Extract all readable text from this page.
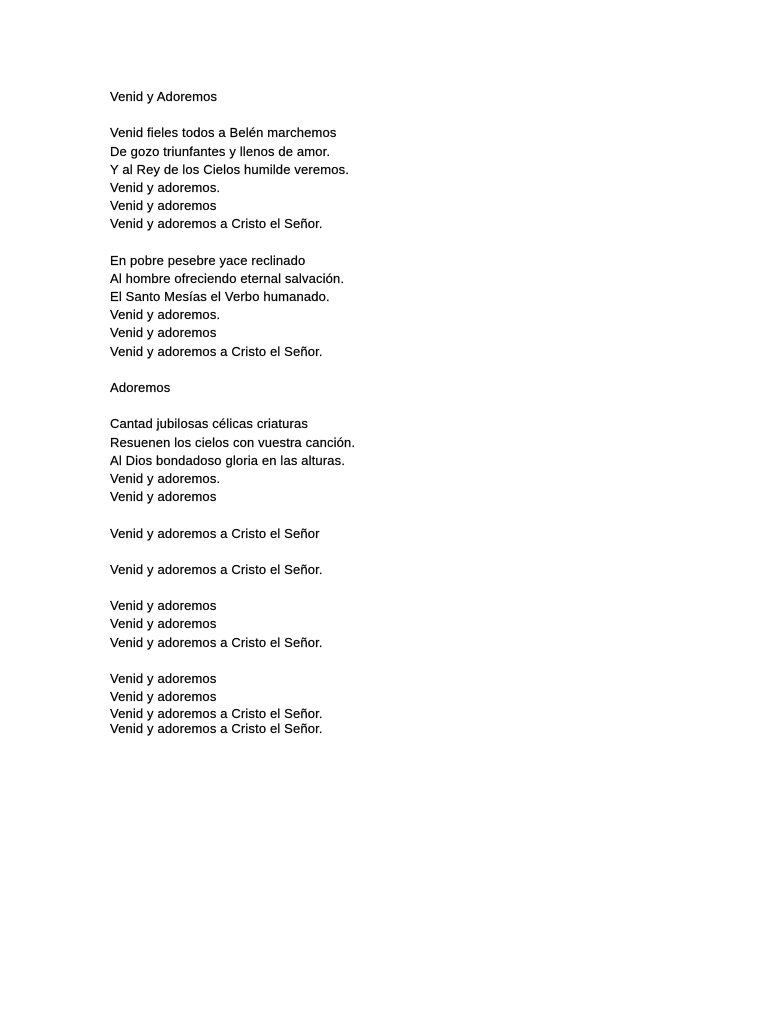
Venid y Adoremos
Venid fieles todos a Belén marchemos
De gozo triunfantes y llenos de amor.
Y al Rey de los Cielos humilde veremos.
Venid y adoremos.
Venid y adoremos
Venid y adoremos a Cristo el Señor.
En pobre pesebre yace reclinado
Al hombre ofreciendo eternal salvación.
El Santo Mesías el Verbo humanado.
Venid y adoremos.
Venid y adoremos
Venid y adoremos a Cristo el Señor.
Adoremos
Cantad jubilosas célicas criaturas
Resuenen los cielos con vuestra canción.
Al Dios bondadoso gloria en las alturas.
Venid y adoremos.
Venid y adoremos
Venid y adoremos a Cristo el Señor
Venid y adoremos a Cristo el Señor.
Venid y adoremos
Venid y adoremos
Venid y adoremos a Cristo el Señor.
Venid y adoremos
Venid y adoremos
Venid y adoremos a Cristo el Señor.
Venid y adoremos a Cristo el Señor.
